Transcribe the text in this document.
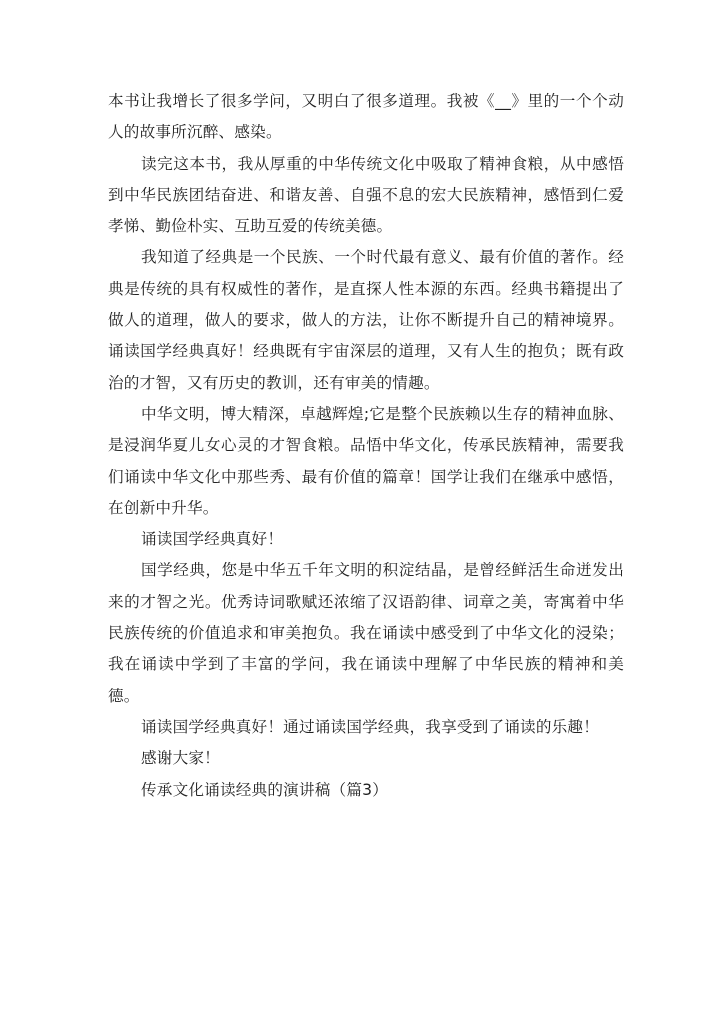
本书让我增长了很多学问，又明白了很多道理。我被《__》里的一个个动人的故事所沉醉、感染。

读完这本书，我从厚重的中华传统文化中吸取了精神食粮，从中感悟到中华民族团结奋进、和谐友善、自强不息的宏大民族精神，感悟到仁爱孝悌、勤俭朴实、互助互爱的传统美德。

我知道了经典是一个民族、一个时代最有意义、最有价值的著作。经典是传统的具有权威性的著作，是直探人性本源的东西。经典书籍提出了做人的道理，做人的要求，做人的方法，让你不断提升自己的精神境界。诵读国学经典真好！经典既有宇宙深层的道理，又有人生的抱负；既有政治的才智，又有历史的教训，还有审美的情趣。

中华文明，博大精深，卓越辉煌;它是整个民族赖以生存的精神血脉、是浸润华夏儿女心灵的才智食粮。品悟中华文化，传承民族精神，需要我们诵读中华文化中那些秀、最有价值的篇章！国学让我们在继承中感悟，在创新中升华。

诵读国学经典真好！

国学经典，您是中华五千年文明的积淀结晶，是曾经鲜活生命迸发出来的才智之光。优秀诗词歌赋还浓缩了汉语韵律、词章之美，寄寓着中华民族传统的价值追求和审美抱负。我在诵读中感受到了中华文化的浸染；我在诵读中学到了丰富的学问，我在诵读中理解了中华民族的精神和美德。

诵读国学经典真好！通过诵读国学经典，我享受到了诵读的乐趣！

感谢大家！

传承文化诵读经典的演讲稿（篇3）
